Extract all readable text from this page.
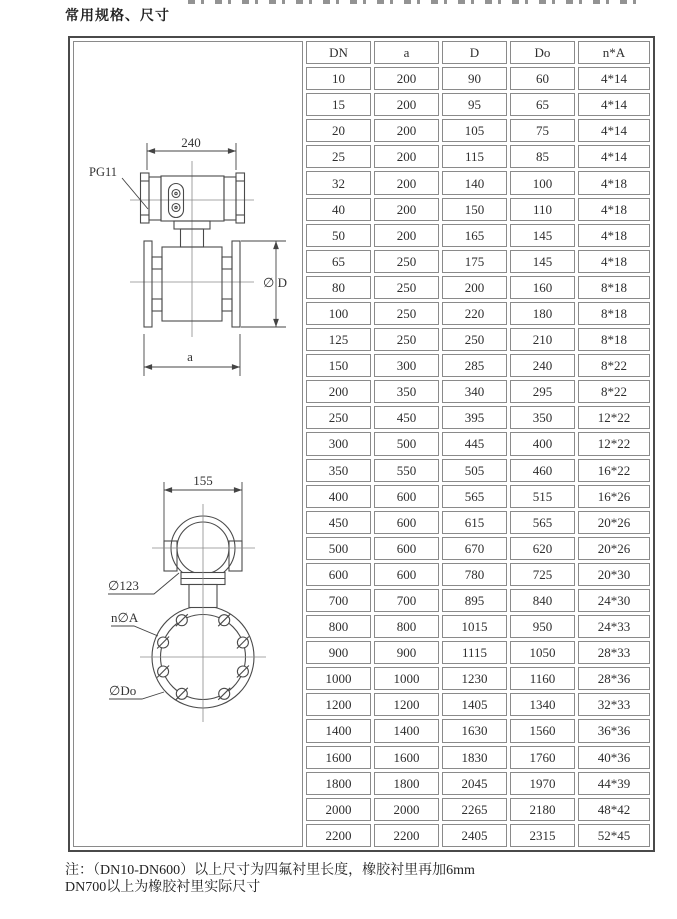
常用规格、尺寸
240
PG11
∅ D
a
155
∅123
n∅A
∅Do
	DN	a	D	Do	n*A
	10	200	90	60	4*14
	15	200	95	65	4*14
	20	200	105	75	4*14
	25	200	115	85	4*14
	32	200	140	100	4*18
	40	200	150	110	4*18
	50	200	165	145	4*18
	65	250	175	145	4*18
	80	250	200	160	8*18
	100	250	220	180	8*18
	125	250	250	210	8*18
	150	300	285	240	8*22
	200	350	340	295	8*22
	250	450	395	350	12*22
	300	500	445	400	12*22
	350	550	505	460	16*22
	400	600	565	515	16*26
	450	600	615	565	20*26
	500	600	670	620	20*26
	600	600	780	725	20*30
	700	700	895	840	24*30
	800	800	1015	950	24*33
	900	900	1115	1050	28*33
	1000	1000	1230	1160	28*36
	1200	1200	1405	1340	32*33
	1400	1400	1630	1560	36*36
	1600	1600	1830	1760	40*36
	1800	1800	2045	1970	44*39
	2000	2000	2265	2180	48*42
	2200	2200	2405	2315	52*45
注：（DN10-DN600）以上尺寸为四氟衬里长度，橡胶衬里再加6mm
DN700以上为橡胶衬里实际尺寸
